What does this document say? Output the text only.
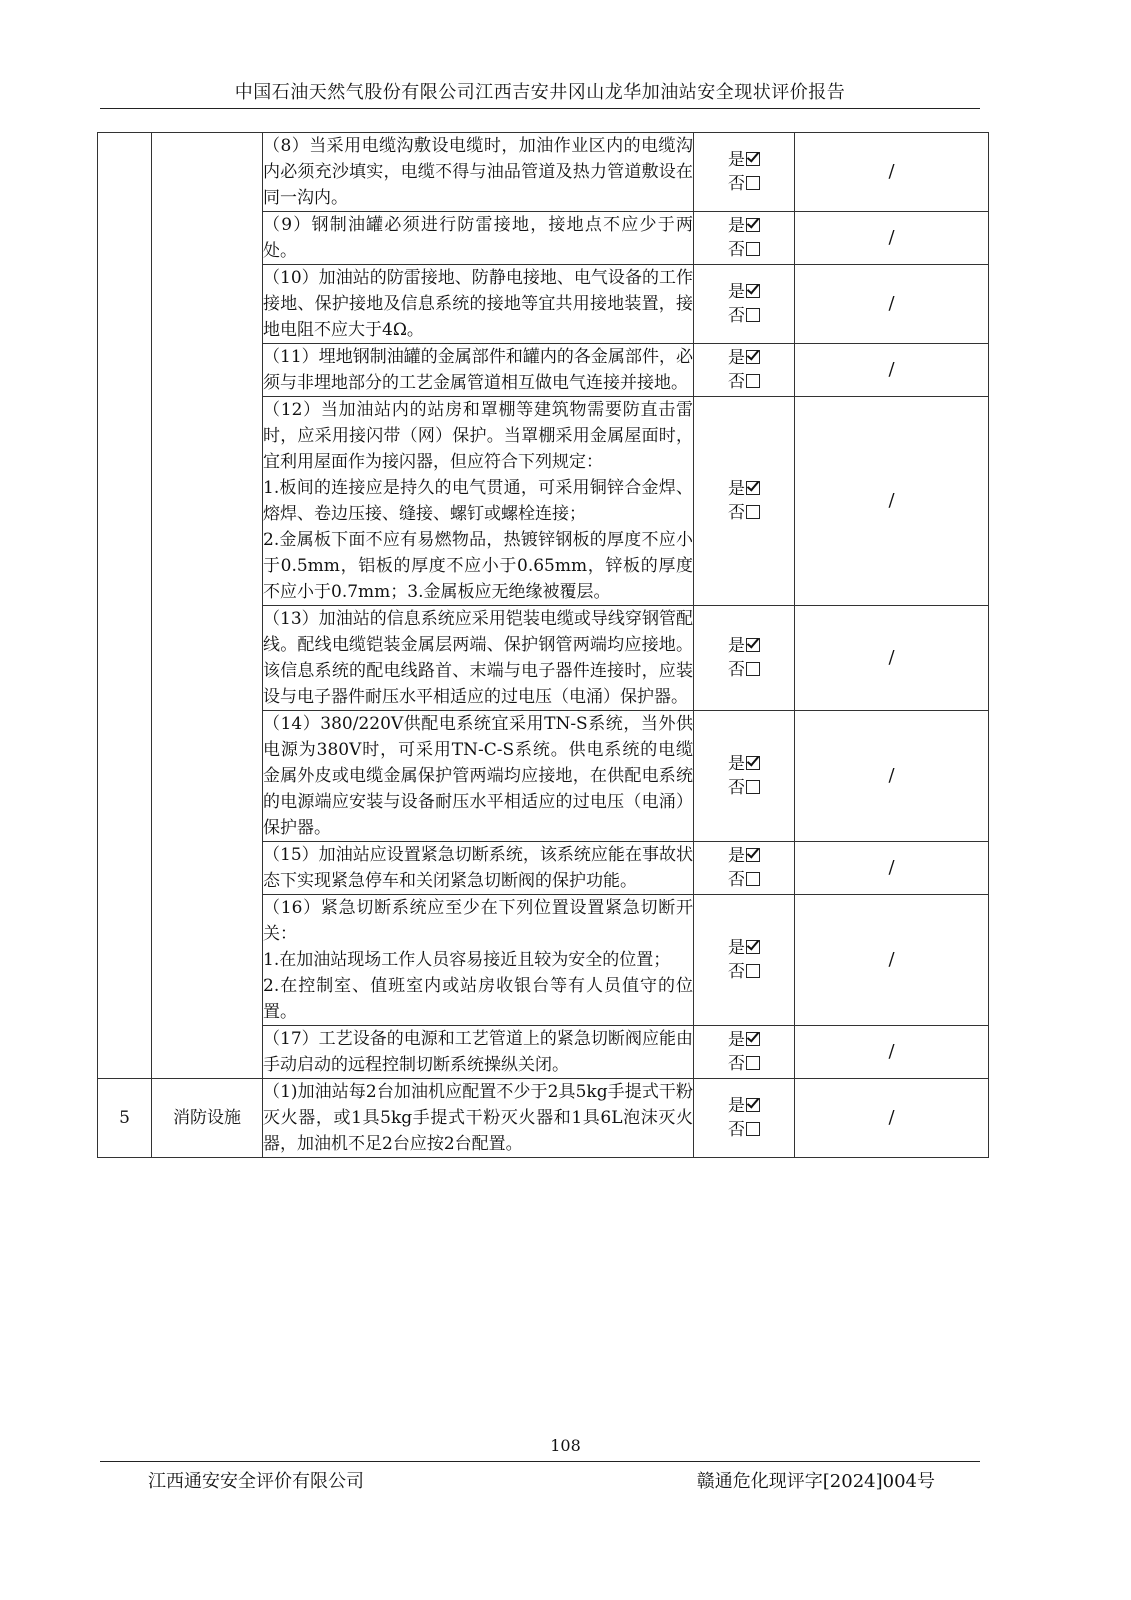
中国石油天然气股份有限公司江西吉安井冈山龙华加油站安全现状评价报告

		（8）当采用电缆沟敷设电缆时，加油作业区内的电缆沟内必须充沙填实，电缆不得与油品管道及热力管道敷设在同一沟内。	是
否	/

		（9）钢制油罐必须进行防雷接地，接地点不应少于两处。	是
否	/

		（10）加油站的防雷接地、防静电接地、电气设备的工作接地、保护接地及信息系统的接地等宜共用接地装置，接地电阻不应大于4Ω。	是
否	/

		（11）埋地钢制油罐的金属部件和罐内的各金属部件，必须与非埋地部分的工艺金属管道相互做电气连接并接地。	是
否	/

		（12）当加油站内的站房和罩棚等建筑物需要防直击雷时，应采用接闪带（网）保护。当罩棚采用金属屋面时，宜利用屋面作为接闪器，但应符合下列规定：
1.板间的连接应是持久的电气贯通，可采用铜锌合金焊、熔焊、卷边压接、缝接、螺钉或螺栓连接；
2.金属板下面不应有易燃物品，热镀锌钢板的厚度不应小于0.5mm，铝板的厚度不应小于0.65mm，锌板的厚度不应小于0.7mm；3.金属板应无绝缘被覆层。	是
否	/

		（13）加油站的信息系统应采用铠装电缆或导线穿钢管配线。配线电缆铠装金属层两端、保护钢管两端均应接地。该信息系统的配电线路首、末端与电子器件连接时，应装设与电子器件耐压水平相适应的过电压（电涌）保护器。	是
否	/

		（14）380/220V供配电系统宜采用TN-S系统，当外供电源为380V时，可采用TN-C-S系统。供电系统的电缆金属外皮或电缆金属保护管两端均应接地，在供配电系统的电源端应安装与设备耐压水平相适应的过电压（电涌）保护器。	是
否	/

		（15）加油站应设置紧急切断系统，该系统应能在事故状态下实现紧急停车和关闭紧急切断阀的保护功能。	是
否	/

		（16）紧急切断系统应至少在下列位置设置紧急切断开关：
1.在加油站现场工作人员容易接近且较为安全的位置；
2.在控制室、值班室内或站房收银台等有人员值守的位置。	是
否	/

		（17）工艺设备的电源和工艺管道上的紧急切断阀应能由手动启动的远程控制切断系统操纵关闭。	是
否	/
5	消防设施	（1)加油站每2台加油机应配置不少于2具5kg手提式干粉灭火器，或1具5kg手提式干粉灭火器和1具6L泡沫灭火器，加油机不足2台应按2台配置。	是
否	/
108
江西通安安全评价有限公司	赣通危化现评字[2024]004号
